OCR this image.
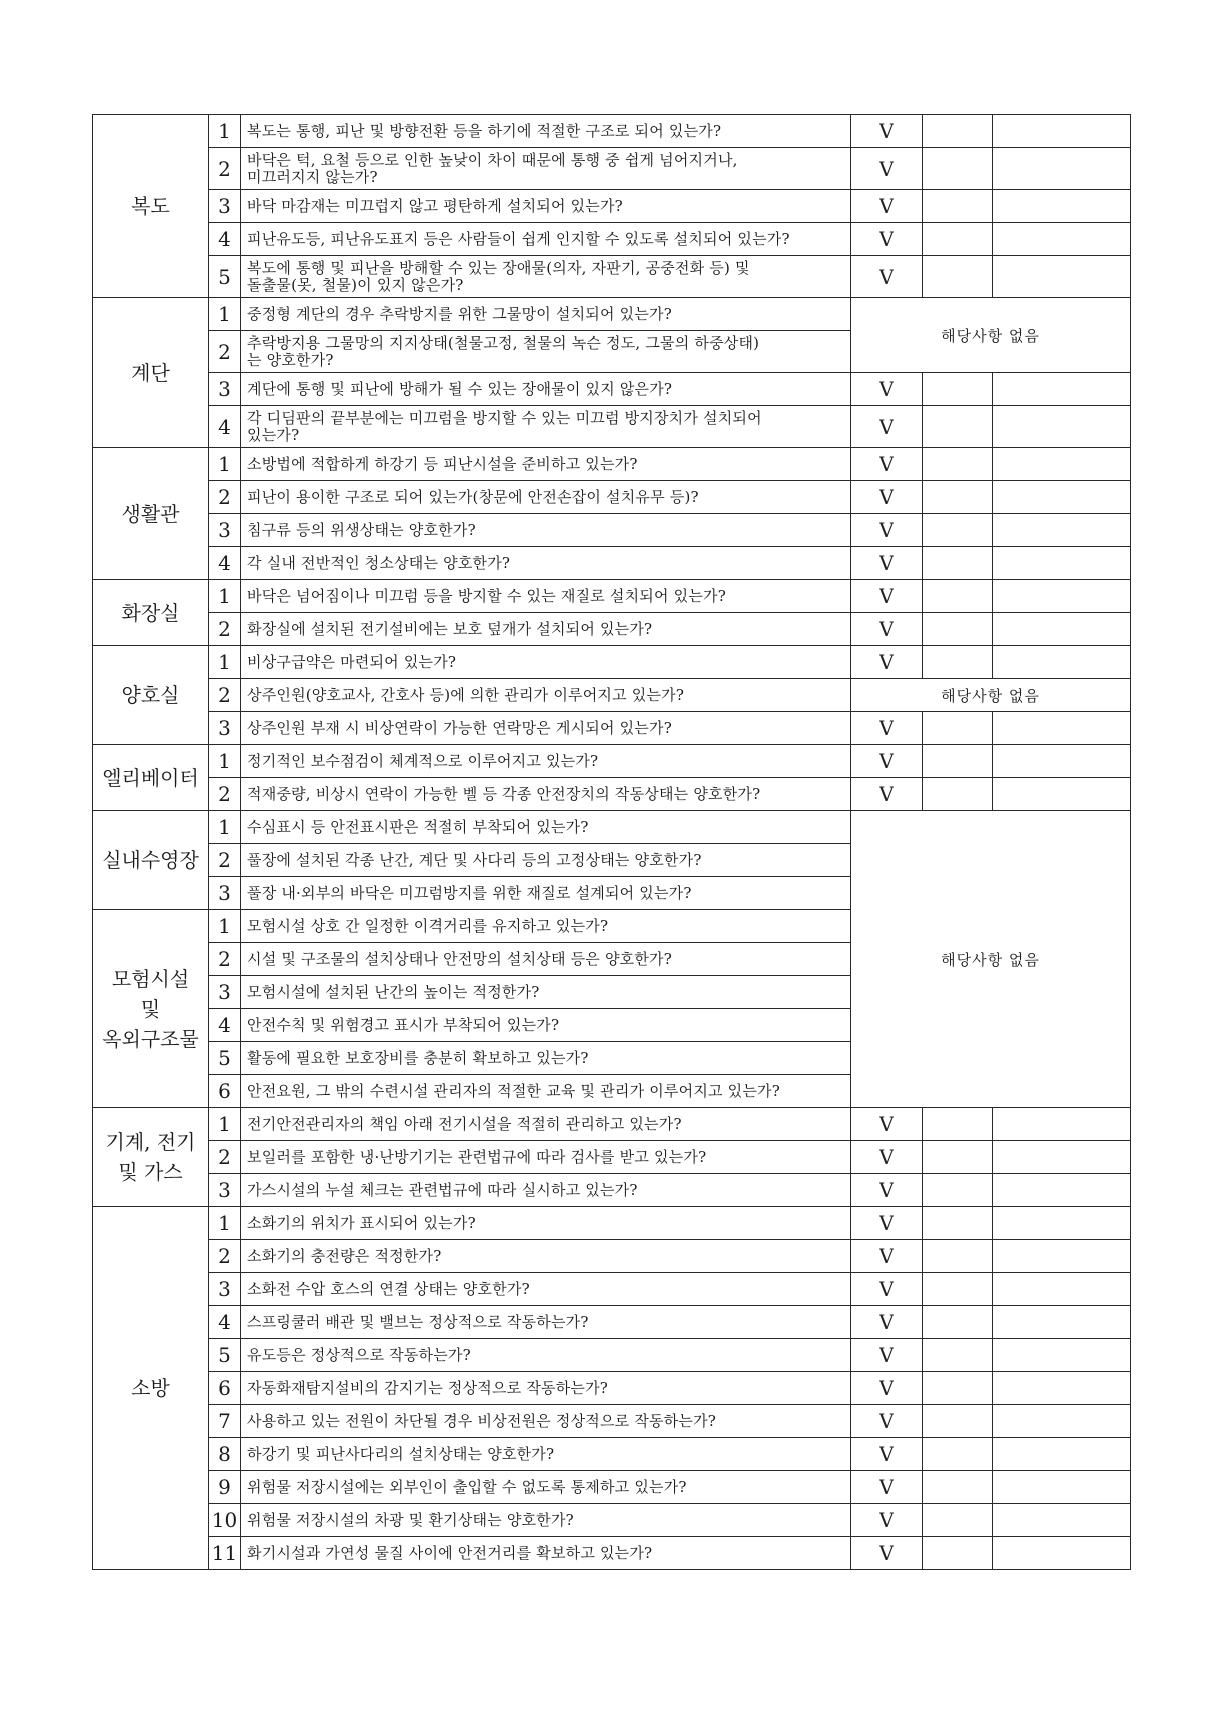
복도	1	복도는 통행, 피난 및 방향전환 등을 하기에 적절한 구조로 되어 있는가?	V		
	2	바닥은 턱, 요철 등으로 인한 높낮이 차이 때문에 통행 중 쉽게 넘어지거나,
미끄러지지 않는가?	V		
	3	바닥 마감재는 미끄럽지 않고 평탄하게 설치되어 있는가?	V		
	4	피난유도등, 피난유도표지 등은 사람들이 쉽게 인지할 수 있도록 설치되어 있는가?	V		
	5	복도에 통행 및 피난을 방해할 수 있는 장애물(의자, 자판기, 공중전화 등) 및
돌출물(못, 철물)이 있지 않은가?	V		

계단	1	중정형 계단의 경우 추락방지를 위한 그물망이 설치되어 있는가?	해당사항 없음		
	2	추락방지용 그물망의 지지상태(철물고정, 철물의 녹슨 정도, 그물의 하중상태)
는 양호한가?			

	3	계단에 통행 및 피난에 방해가 될 수 있는 장애물이 있지 않은가?	V		
	4	각 디딤판의 끝부분에는 미끄럼을 방지할 수 있는 미끄럼 방지장치가 설치되어
있는가?	V		

생활관	1	소방법에 적합하게 하강기 등 피난시설을 준비하고 있는가?	V		
	2	피난이 용이한 구조로 되어 있는가(창문에 안전손잡이 설치유무 등)?	V		
	3	침구류 등의 위생상태는 양호한가?	V		
	4	각 실내 전반적인 청소상태는 양호한가?	V		

화장실	1	바닥은 넘어짐이나 미끄럼 등을 방지할 수 있는 재질로 설치되어 있는가?	V		
	2	화장실에 설치된 전기설비에는 보호 덮개가 설치되어 있는가?	V		

양호실	1	비상구급약은 마련되어 있는가?	V		
	2	상주인원(양호교사, 간호사 등)에 의한 관리가 이루어지고 있는가?	해당사항 없음		
	3	상주인원 부재 시 비상연락이 가능한 연락망은 게시되어 있는가?	V		

엘리베이터	1	정기적인 보수점검이 체계적으로 이루어지고 있는가?	V		
	2	적재중량, 비상시 연락이 가능한 벨 등 각종 안전장치의 작동상태는 양호한가?	V		

실내수영장	1	수심표시 등 안전표시판은 적절히 부착되어 있는가?	해당사항 없음		
	2	풀장에 설치된 각종 난간, 계단 및 사다리 등의 고정상태는 양호한가?			

	3	풀장 내·외부의 바닥은 미끄럼방지를 위한 재질로 설계되어 있는가?			

모험시설
및
옥외구조물	1	모험시설 상호 간 일정한 이격거리를 유지하고 있는가?			

	2	시설 및 구조물의 설치상태나 안전망의 설치상태 등은 양호한가?			

	3	모험시설에 설치된 난간의 높이는 적정한가?			

	4	안전수칙 및 위험경고 표시가 부착되어 있는가?			

	5	활동에 필요한 보호장비를 충분히 확보하고 있는가?			

	6	안전요원, 그 밖의 수련시설 관리자의 적절한 교육 및 관리가 이루어지고 있는가?			

기계, 전기
및 가스	1	전기안전관리자의 책임 아래 전기시설을 적절히 관리하고 있는가?	V		
	2	보일러를 포함한 냉·난방기기는 관련법규에 따라 검사를 받고 있는가?	V		
	3	가스시설의 누설 체크는 관련법규에 따라 실시하고 있는가?	V		

소방	1	소화기의 위치가 표시되어 있는가?	V		
	2	소화기의 충전량은 적정한가?	V		
	3	소화전 수압 호스의 연결 상태는 양호한가?	V		
	4	스프링쿨러 배관 및 밸브는 정상적으로 작동하는가?	V		
	5	유도등은 정상적으로 작동하는가?	V		
	6	자동화재탐지설비의 감지기는 정상적으로 작동하는가?	V		
	7	사용하고 있는 전원이 차단될 경우 비상전원은 정상적으로 작동하는가?	V		
	8	하강기 및 피난사다리의 설치상태는 양호한가?	V		
	9	위험물 저장시설에는 외부인이 출입할 수 없도록 통제하고 있는가?	V		
	10	위험물 저장시설의 차광 및 환기상태는 양호한가?	V		
	11	화기시설과 가연성 물질 사이에 안전거리를 확보하고 있는가?	V		
